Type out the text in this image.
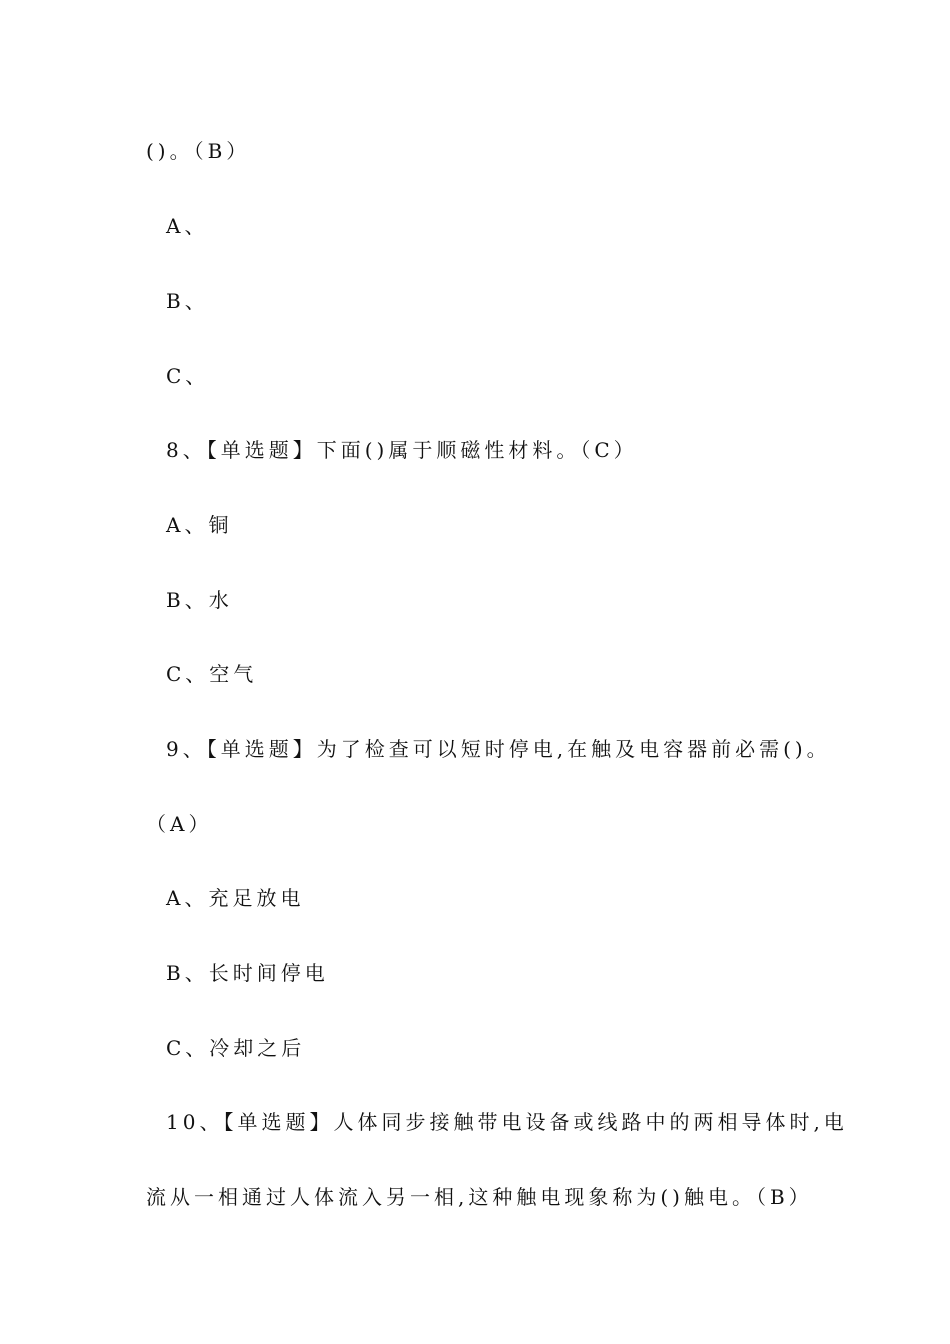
()。（B）
A、
B、
C、
8、【单选题】下面()属于顺磁性材料。（C）
A、铜
B、水
C、空气
9、【单选题】为了检查可以短时停电,在触及电容器前必需()。
（A）
A、充足放电
B、长时间停电
C、冷却之后
10、【单选题】人体同步接触带电设备或线路中的两相导体时,电
流从一相通过人体流入另一相,这种触电现象称为()触电。（B）
